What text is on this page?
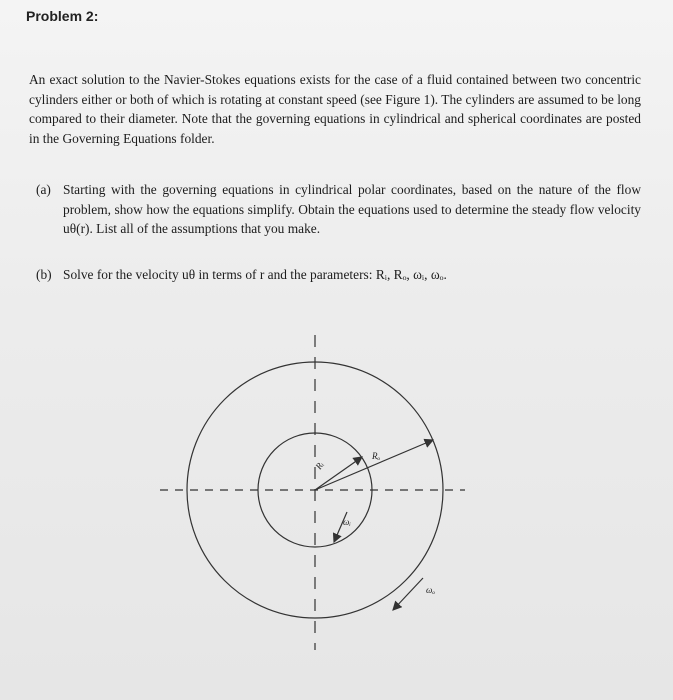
Problem 2:
An exact solution to the Navier-Stokes equations exists for the case of a fluid contained between two concentric cylinders either or both of which is rotating at constant speed (see Figure 1). The cylinders are assumed to be long compared to their diameter. Note that the governing equations in cylindrical and spherical coordinates are posted in the Governing Equations folder.
(a) Starting with the governing equations in cylindrical polar coordinates, based on the nature of the flow problem, show how the equations simplify. Obtain the equations used to determine the steady flow velocity uθ(r). List all of the assumptions that you make.
(b) Solve for the velocity uθ in terms of r and the parameters: Rᵢ, Rₒ, ωᵢ, ωₒ.
Rᵢ
Rₒ
ωᵢ
ωₒ
